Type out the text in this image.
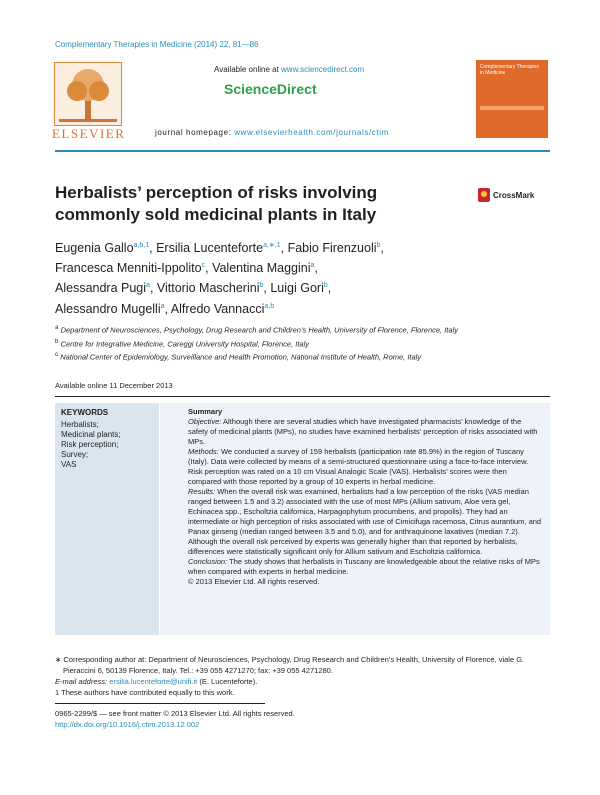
Complementary Therapies in Medicine (2014) 22, 81—86
ELSEVIER
Available online at www.sciencedirect.com
ScienceDirect
journal homepage: www.elsevierhealth.com/journals/ctim
Complementary Therapies in Medicine
Herbalists’ perception of risks involving commonly sold medicinal plants in Italy
CrossMark
Eugenia Gallo$^{a,b,1}$, Ersilia Lucenteforte$^{a,∗,1}$, Fabio Firenzuoli$^b$,
Francesca Menniti-Ippolito$^c$, Valentina Maggini$^a$,
Alessandra Pugi$^a$, Vittorio Mascherini$^b$, Luigi Gori$^b$,
Alessandro Mugelli$^a$, Alfredo Vannacci$^{a,b}$
$^a$ Department of Neurosciences, Psychology, Drug Research and Children’s Health, University of Florence, Florence, Italy
$^b$ Centre for Integrative Medicine, Careggi University Hospital, Florence, Italy
$^c$ National Center of Epidemiology, Surveillance and Health Promotion, National Institute of Health, Rome, Italy
Available online 11 December 2013
KEYWORDS
Herbalists;
Medicinal plants;
Risk perception;
Survey;
VAS

Summary

Objective: Although there are several studies which have investigated pharmacists’ knowledge of the safety of medicinal plants (MPs), no studies have examined herbalists’ perception of risks associated with MPs.

Methods: We conducted a survey of 159 herbalists (participation rate 85.9%) in the region of Tuscany (Italy). Data were collected by means of a semi-structured questionnaire using a face-to-face interview. Risk perception was rated on a 10 cm Visual Analogic Scale (VAS). Herbalists’ scores were then compared with those reported by a group of 10 experts in herbal medicine.

Results: When the overall risk was examined, herbalists had a low perception of the risks (VAS median ranged between 1.5 and 3.2) associated with the use of most MPs (Allium sativum, Aloe vera gel, Echinacea spp., Escholtzia californica, Harpagophytum procumbens, and propolis). They had an intermediate or high perception of risks associated with use of Cimicifuga racemosa, Citrus aurantium, and Panax ginseng (median ranged between 3.5 and 5.0), and for anthraquinone laxatives (median 7.2). Although the overall risk perceived by experts was generally higher than that reported by herbalists, differences were statistically significant only for Allium sativum and Escholtzia californica.

Conclusion: The study shows that herbalists in Tuscany are knowledgeable about the relative risks of MPs when compared with experts in herbal medicine.

© 2013 Elsevier Ltd. All rights reserved.

∗ Corresponding author at: Department of Neurosciences, Psychology, Drug Research and Children’s Health, University of Florence, viale G. Pieraccini 6, 50139 Florence, Italy. Tel.: +39 055 4271270; fax: +39 055 4271280.
E-mail address: ersilia.lucenteforte@unifi.it (E. Lucenteforte).
1 These authors have contributed equally to this work.
0965-2299/$ — see front matter © 2013 Elsevier Ltd. All rights reserved.
http://dx.doi.org/10.1016/j.ctim.2013.12.002
